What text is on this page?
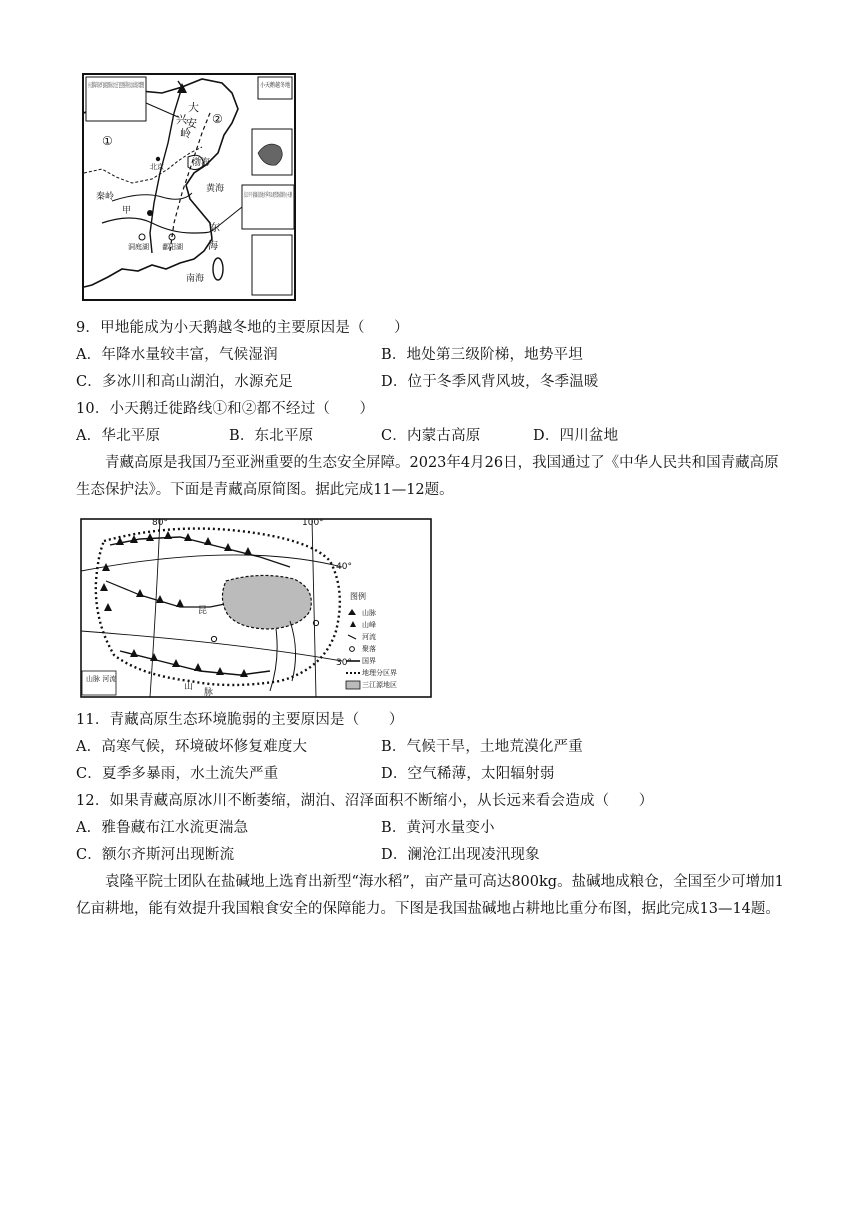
小天鹅越冬地
长江中下游湖泊沿地冬季可以观赏到成群的小天鹅
大
兴 安
岭
①
②
渤海
北京
黄海
甲
洞庭湖 鄱阳湖
东
海
南海
秦岭
9．甲地能成为小天鹅越冬地的主要原因是（　　）
A．年降水量较丰富，气候湿润	B．地处第三级阶梯，地势平坦
C．多冰川和高山湖泊，水源充足	D．位于冬季风背风坡，冬季温暖
10．小天鹅迁徙路线①和②都不经过（　　）
A．华北平原	B．东北平原	C．内蒙古高原	D．四川盆地
青藏高原是我国乃至亚洲重要的生态安全屏障。2023年4月26日，我国通过了《中华人民共和国青藏高原生态保护法》。下面是青藏高原简图。据此完成11—12题。
80°	100°
40°
30°
图例
山脉
山峰
河流
聚落
国界
地理分区界
三江源地区
山
脉
昆
山脉 河流
11．青藏高原生态环境脆弱的主要原因是（　　）
A．高寒气候，环境破坏修复难度大	B．气候干旱，土地荒漠化严重
C．夏季多暴雨，水土流失严重	D．空气稀薄，太阳辐射弱
12．如果青藏高原冰川不断萎缩，湖泊、沼泽面积不断缩小，从长远来看会造成（　　）
A．雅鲁藏布江水流更湍急	B．黄河水量变小
C．额尔齐斯河出现断流	D．澜沧江出现凌汛现象
袁隆平院士团队在盐碱地上选育出新型“海水稻”，亩产量可高达800kg。盐碱地成粮仓，全国至少可增加1亿亩耕地，能有效提升我国粮食安全的保障能力。下图是我国盐碱地占耕地比重分布图，据此完成13—14题。
